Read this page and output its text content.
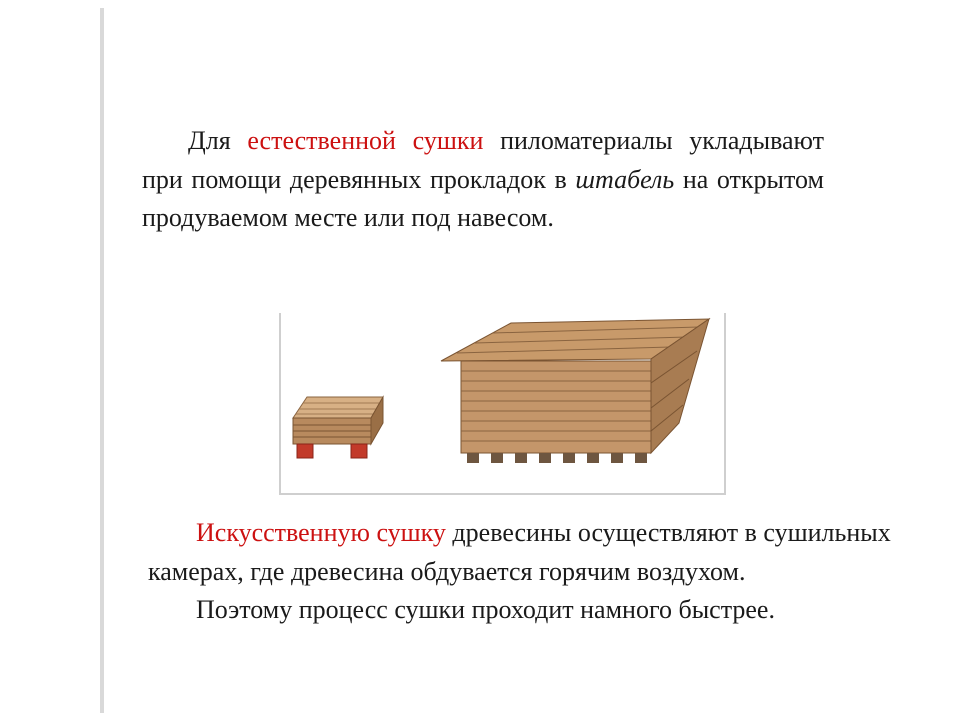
Для естественной сушки пиломатериалы укладывают при помощи деревянных прокладок в штабель на открытом продуваемом месте или под навесом.
Искусственную сушку древесины осуществляют в сушильных камерах, где древесина обдувается горячим воздухом.
Поэтому процесс сушки проходит намного быстрее.
